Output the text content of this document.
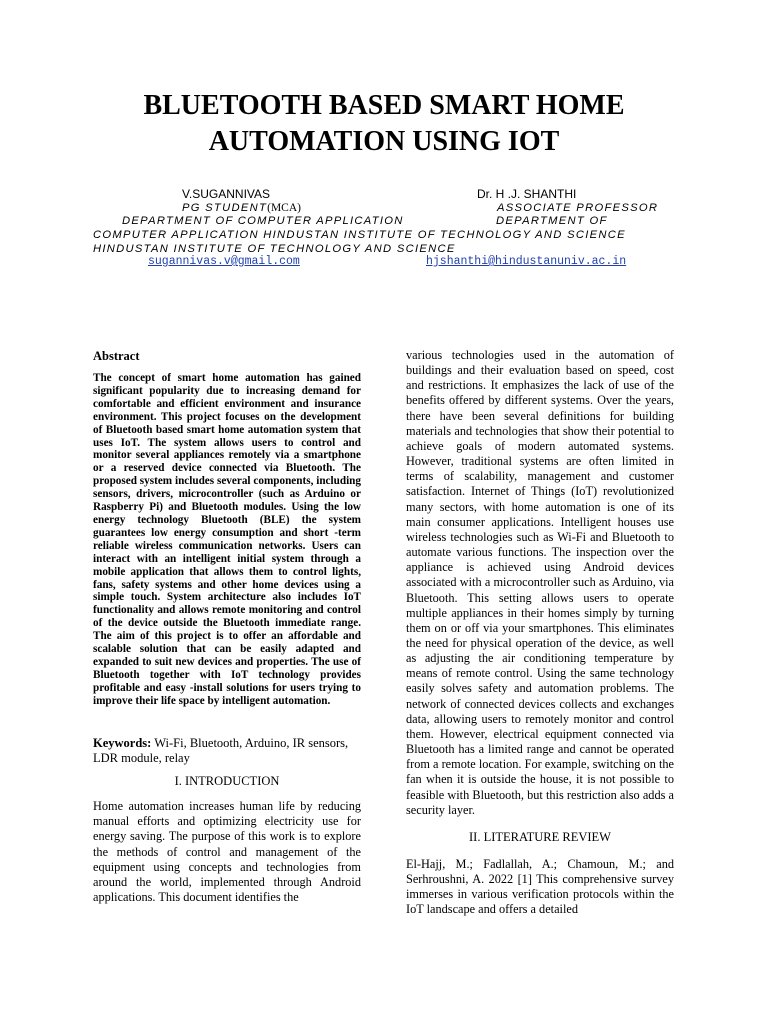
BLUETOOTH BASED SMART HOME
AUTOMATION USING IOT
V.SUGANNIVAS	Dr. H .J. SHANTHI
PG STUDENT(MCA)	ASSOCIATE PROFESSOR
DEPARTMENT OF COMPUTER APPLICATION	DEPARTMENT OF
COMPUTER APPLICATION HINDUSTAN INSTITUTE OF TECHNOLOGY AND SCIENCE
HINDUSTAN INSTITUTE OF TECHNOLOGY AND SCIENCE
sugannivas.v@gmail.com	hjshanthi@hindustanuniv.ac.in
Abstract

The concept of smart home automation has gained significant popularity due to increasing demand for comfortable and efficient environment and insurance environment. This project focuses on the development of Bluetooth based smart home automation system that uses IoT. The system allows users to control and monitor several appliances remotely via a smartphone or a reserved device connected via Bluetooth. The proposed system includes several components, including sensors, drivers, microcontroller (such as Arduino or Raspberry Pi) and Bluetooth modules. Using the low energy technology Bluetooth (BLE) the system guarantees low energy consumption and short -term reliable wireless communication networks. Users can interact with an intelligent initial system through a mobile application that allows them to control lights, fans, safety systems and other home devices using a simple touch. System architecture also includes IoT functionality and allows remote monitoring and control of the device outside the Bluetooth immediate range. The aim of this project is to offer an affordable and scalable solution that can be easily adapted and expanded to suit new devices and properties. The use of Bluetooth together with IoT technology provides profitable and easy -install solutions for users trying to improve their life space by intelligent automation.

Keywords: Wi-Fi, Bluetooth, Arduino, IR sensors, LDR module, relay

I. INTRODUCTION

Home automation increases human life by reducing manual efforts and optimizing electricity use for energy saving. The purpose of this work is to explore the methods of control and management of the equipment using concepts and technologies from around the world, implemented through Android applications. This document identifies the

various technologies used in the automation of buildings and their evaluation based on speed, cost and restrictions. It emphasizes the lack of use of the benefits offered by different systems. Over the years, there have been several definitions for building materials and technologies that show their potential to achieve goals of modern automated systems. However, traditional systems are often limited in terms of scalability, management and customer satisfaction. Internet of Things (IoT) revolutionized many sectors, with home automation is one of its main consumer applications. Intelligent houses use wireless technologies such as Wi-Fi and Bluetooth to automate various functions. The inspection over the appliance is achieved using Android devices associated with a microcontroller such as Arduino, via Bluetooth. This setting allows users to operate multiple appliances in their homes simply by turning them on or off via your smartphones. This eliminates the need for physical operation of the device, as well as adjusting the air conditioning temperature by means of remote control. Using the same technology easily solves safety and automation problems. The network of connected devices collects and exchanges data, allowing users to remotely monitor and control them. However, electrical equipment connected via Bluetooth has a limited range and cannot be operated from a remote location. For example, switching on the fan when it is outside the house, it is not possible to feasible with Bluetooth, but this restriction also adds a security layer.

II. LITERATURE REVIEW

El-Hajj, M.; Fadlallah, A.; Chamoun, M.; and Serhroushni, A. 2022 [1] This comprehensive survey immerses in various verification protocols within the IoT landscape and offers a detailed
